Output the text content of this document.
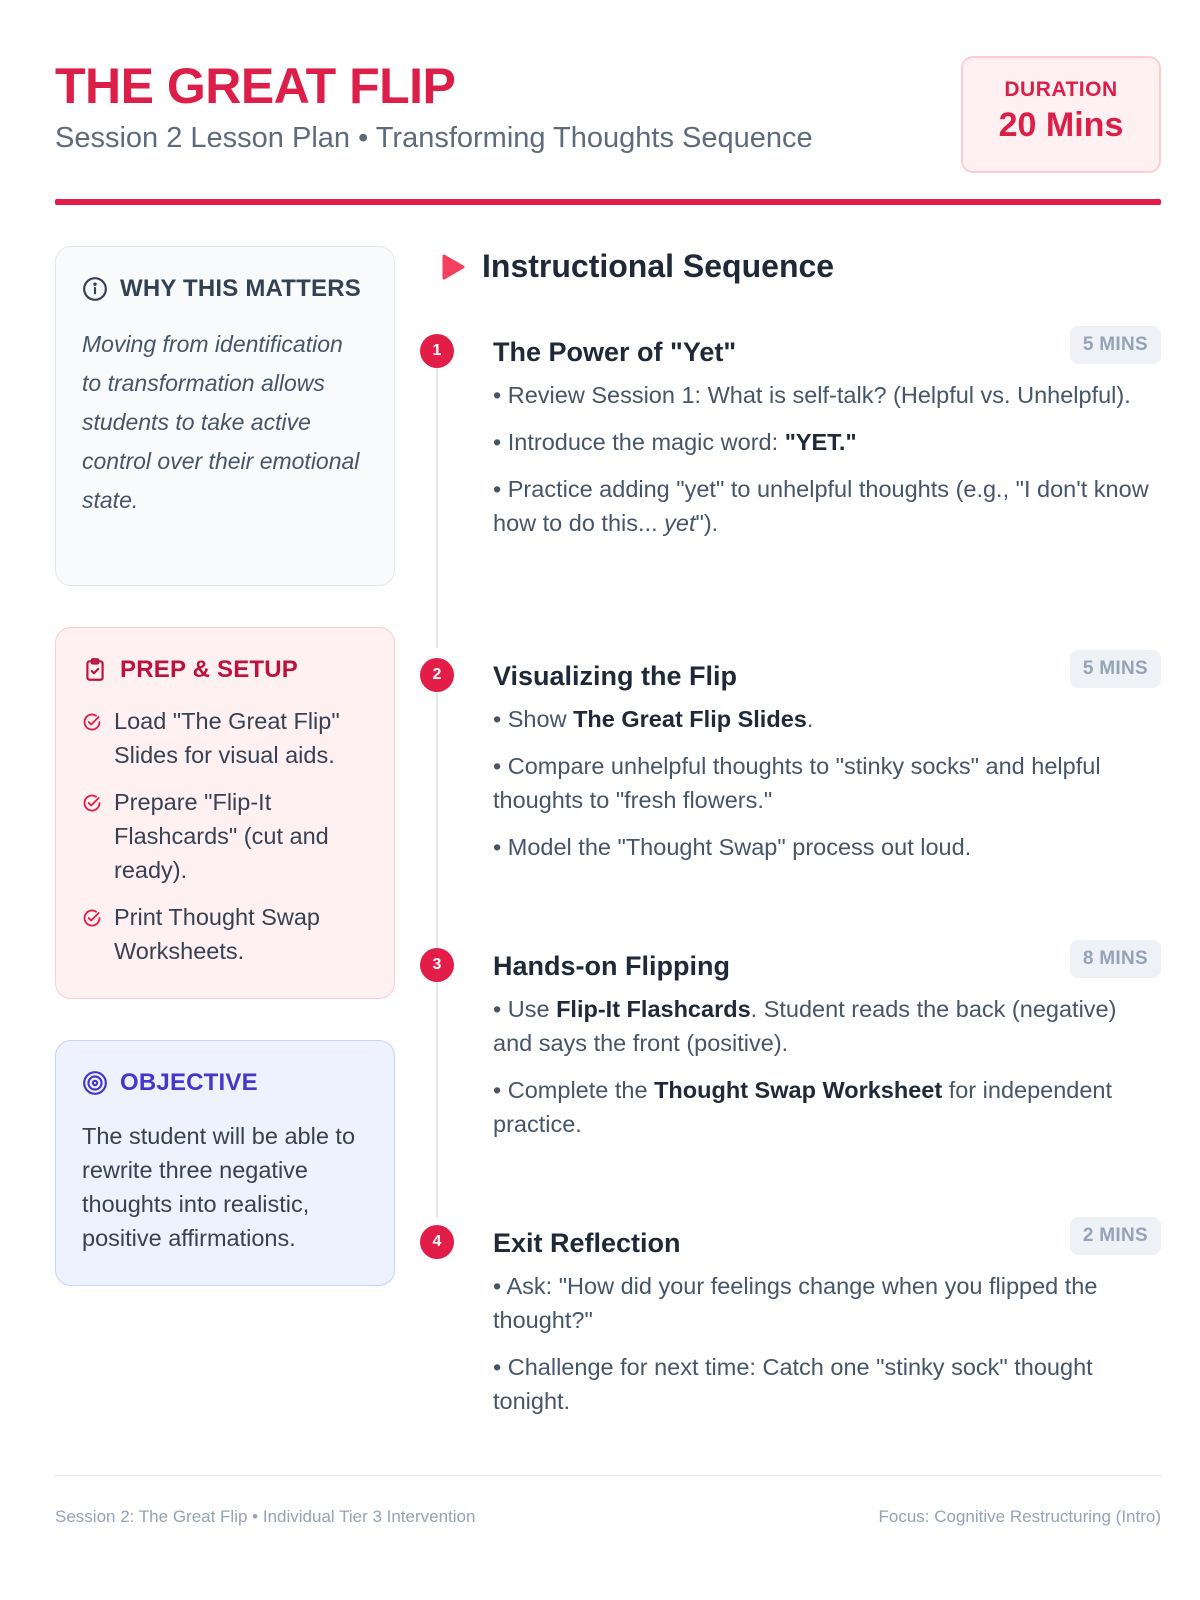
THE GREAT FLIP
Session 2 Lesson Plan • Transforming Thoughts Sequence
DURATION
20 Mins
WHY THIS MATTERS

Moving from identification to transformation allows students to take active control over their emotional state.

PREP & SETUP
Load "The Great Flip" Slides for visual aids.
Prepare "Flip-It Flashcards" (cut and ready).
Print Thought Swap Worksheets.
OBJECTIVE

The student will be able to rewrite three negative thoughts into realistic, positive affirmations.

Instructional Sequence
1	The Power of "Yet"	5 MINS
• Review Session 1: What is self-talk? (Helpful vs. Unhelpful).
• Introduce the magic word: "YET."
• Practice adding "yet" to unhelpful thoughts (e.g., "I don't know how to do this... yet").
2	Visualizing the Flip	5 MINS
• Show The Great Flip Slides.
• Compare unhelpful thoughts to "stinky socks" and helpful thoughts to "fresh flowers."
• Model the "Thought Swap" process out loud.
3	Hands-on Flipping	8 MINS
• Use Flip-It Flashcards. Student reads the back (negative) and says the front (positive).
• Complete the Thought Swap Worksheet for independent practice.
4	Exit Reflection	2 MINS
• Ask: "How did your feelings change when you flipped the thought?"
• Challenge for next time: Catch one "stinky sock" thought tonight.
Session 2: The Great Flip • Individual Tier 3 Intervention	Focus: Cognitive Restructuring (Intro)
